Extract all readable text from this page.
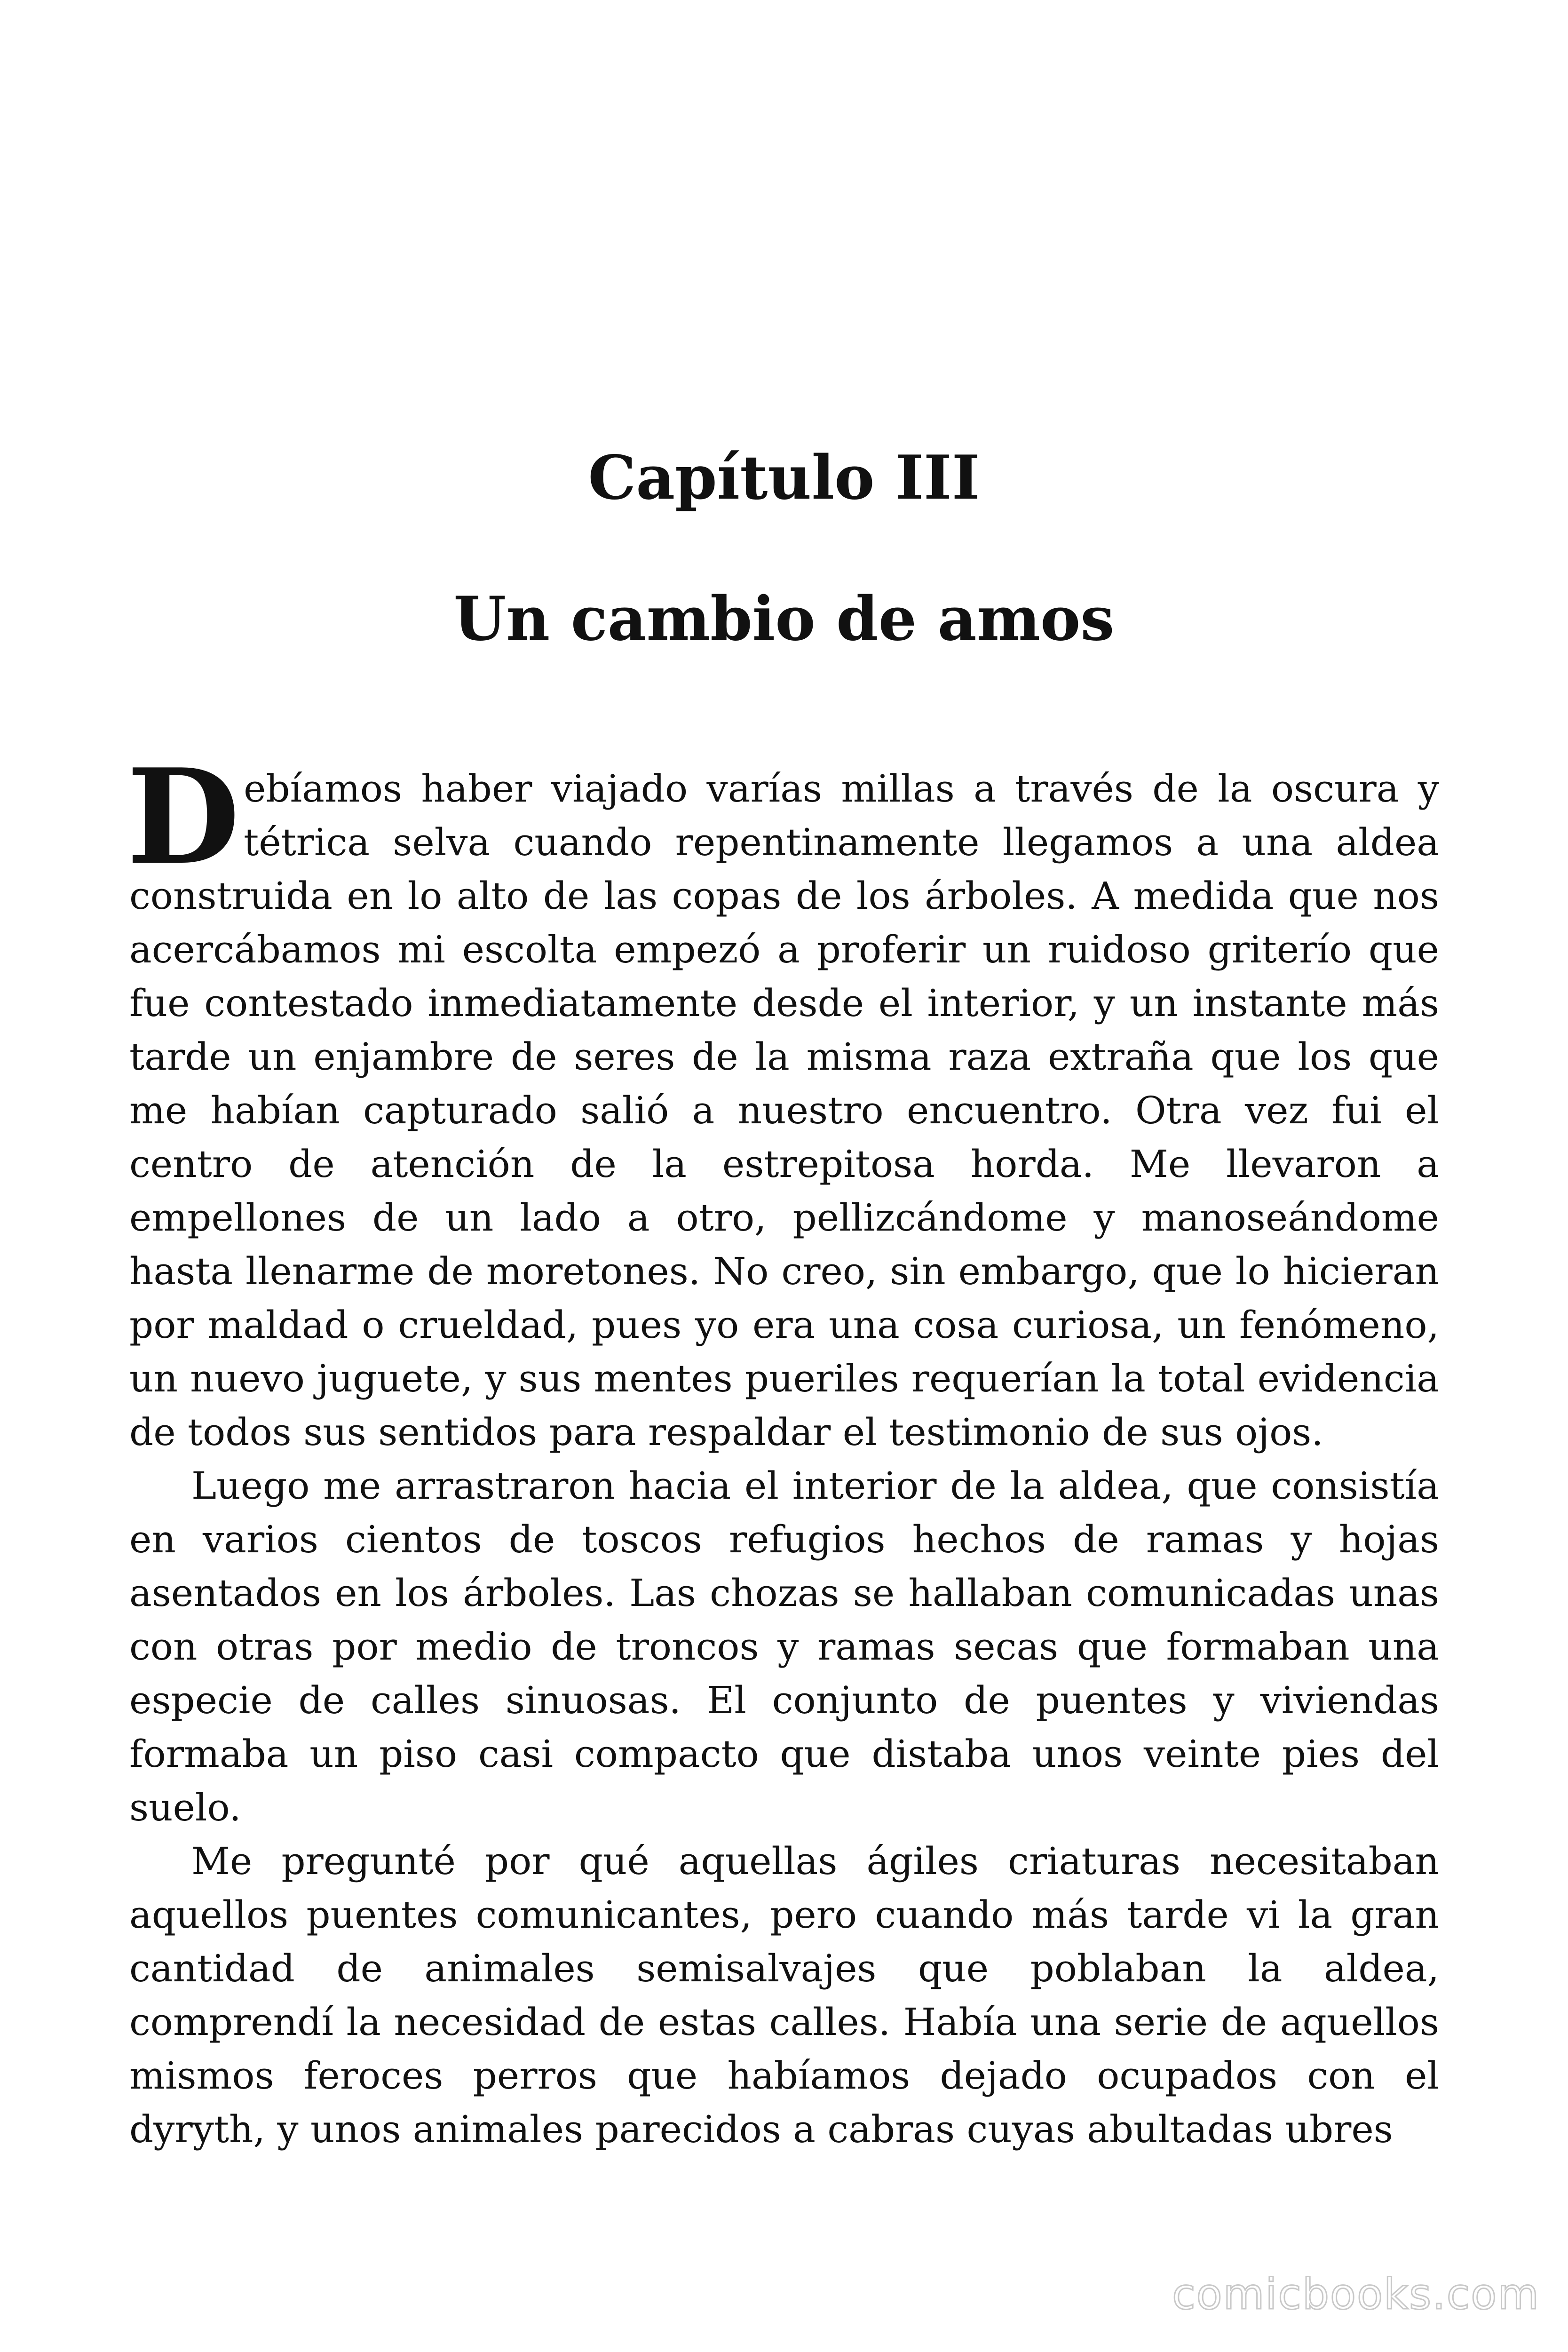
Capítulo III
Un cambio de amos

Debíamos haber viajado varías millas a través de la oscura y tétrica selva cuando repentinamente llegamos a una aldea construida en lo alto de las copas de los árboles. A medida que nos acercábamos mi escolta empezó a proferir un ruidoso griterío que fue contestado inmediatamente desde el interior, y un instante más tarde un enjambre de seres de la misma raza extraña que los que me habían capturado salió a nuestro encuentro. Otra vez fui el centro de atención de la estrepitosa horda. Me llevaron a empellones de un lado a otro, pellizcándome y manoseándome hasta llenarme de moretones. No creo, sin embargo, que lo hicieran por maldad o crueldad, pues yo era una cosa curiosa, un fenómeno, un nuevo juguete, y sus mentes pueriles requerían la total evidencia de todos sus sentidos para respaldar el testimonio de sus ojos.

Luego me arrastraron hacia el interior de la aldea, que consistía en varios cientos de toscos refugios hechos de ramas y hojas asentados en los árboles. Las chozas se hallaban comunicadas unas con otras por medio de troncos y ramas secas que formaban una especie de calles sinuosas. El conjunto de puentes y viviendas formaba un piso casi compacto que distaba unos veinte pies del suelo.

Me pregunté por qué aquellas ágiles criaturas necesitaban aquellos puentes comunicantes, pero cuando más tarde vi la gran cantidad de animales semisalvajes que poblaban la aldea, comprendí la necesidad de estas calles. Había una serie de aquellos mismos feroces perros que habíamos dejado ocupados con el dyryth, y unos animales parecidos a cabras cuyas abultadas ubres

comicbooks.com
